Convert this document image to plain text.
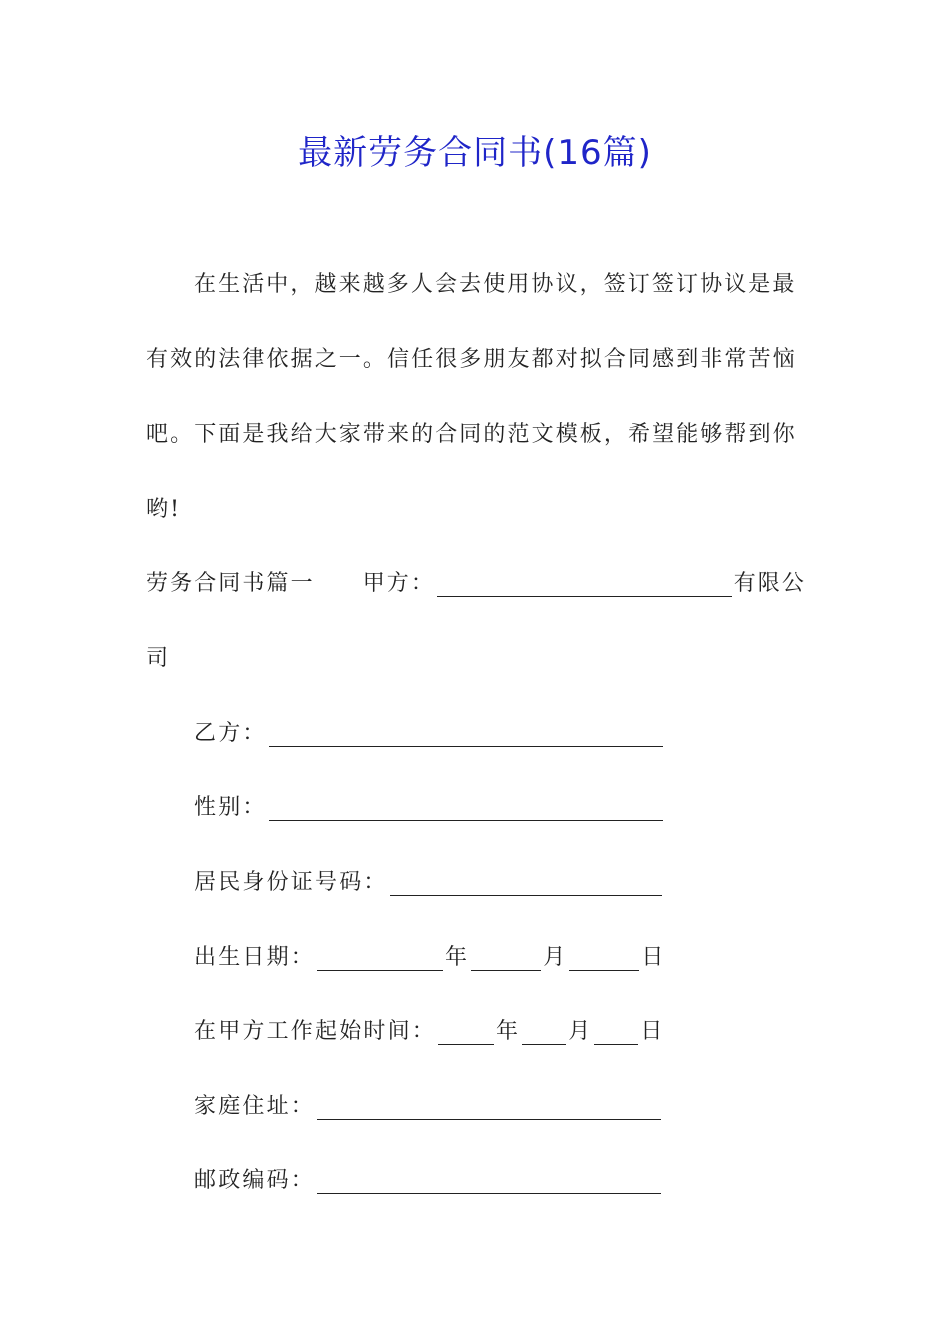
最新劳务合同书(16篇)
在生活中，越来越多人会去使用协议，签订签订协议是最
有效的法律依据之一。信任很多朋友都对拟合同感到非常苦恼
吧。下面是我给大家带来的合同的范文模板，希望能够帮到你
哟!
劳务合同书篇一 甲方：	有限公
司
乙方：
性别：
居民身份证号码：
出生日期：	年	月	日
在甲方工作起始时间：	年 月 日
家庭住址：
邮政编码：
